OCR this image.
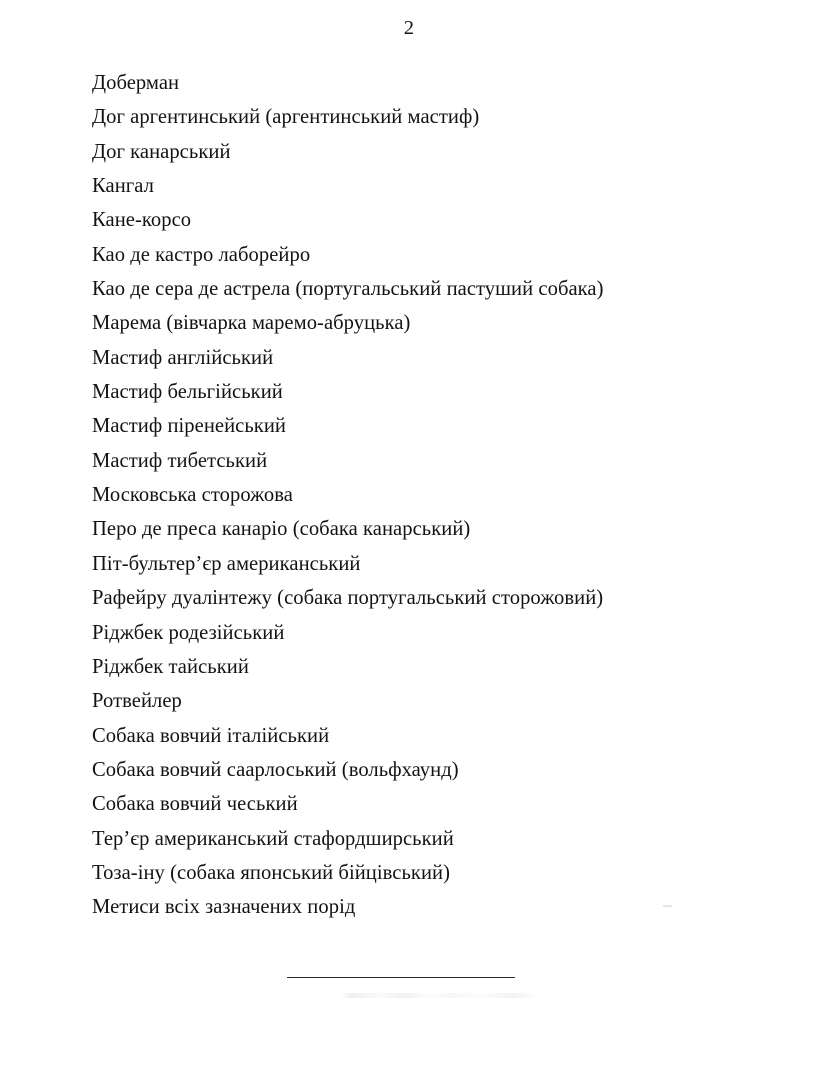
2
Доберман
Дог аргентинський (аргентинський мастиф)
Дог канарський
Кангал
Кане-корсо
Као де кастро лаборейро
Као де сера де астрела (португальський пастуший собака)
Марема (вівчарка маремо-абруцька)
Мастиф англійський
Мастиф бельгійський
Мастиф піренейський
Мастиф тибетський
Московська сторожова
Перо де преса канаріо (собака канарський)
Піт-бультер’єр американський
Рафейру дуалінтежу (собака португальський сторожовий)
Ріджбек родезійський
Ріджбек тайський
Ротвейлер
Собака вовчий італійський
Собака вовчий саарлоський (вольфхаунд)
Собака вовчий чеський
Тер’єр американський стафордширський
Тоза-іну (собака японський бійцівський)
Метиси всіх зазначених порід
